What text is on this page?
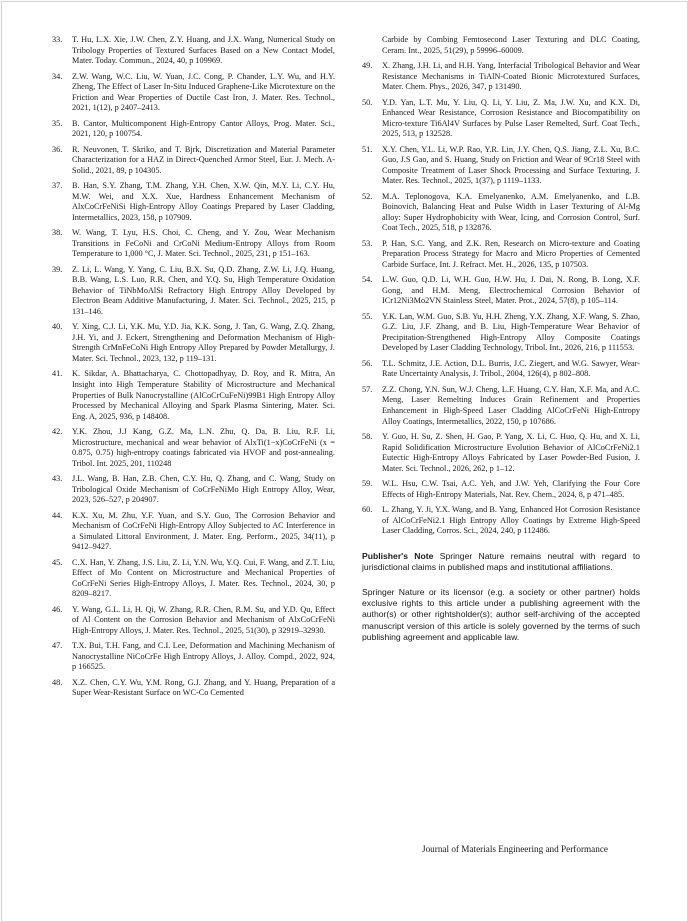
33.	T. Hu, L.X. Xie, J.W. Chen, Z.Y. Huang, and J.X. Wang, Numerical Study on Tribology Properties of Textured Surfaces Based on a New Contact Model, Mater. Today. Commun., 2024, 40, p 109969.
34.	Z.W. Wang, W.C. Liu, W. Yuan, J.C. Cong, P. Chander, L.Y. Wu, and H.Y. Zheng, The Effect of Laser In-Situ Induced Graphene-Like Microtexture on the Friction and Wear Properties of Ductile Cast Iron, J. Mater. Res. Technol., 2021, 1(12), p 2407–2413.
35.	B. Cantor, Multicomponent High-Entropy Cantor Alloys, Prog. Mater. Sci., 2021, 120, p 100754.
36.	R. Neuvonen, T. Skriko, and T. Bjrk, Discretization and Material Parameter Characterization for a HAZ in Direct-Quenched Armor Steel, Eur. J. Mech. A-Solid., 2021, 89, p 104305.
37.	B. Han, S.Y. Zhang, T.M. Zhang, Y.H. Chen, X.W. Qin, M.Y. Li, C.Y. Hu, M.W. Wei, and X.X. Xue, Hardness Enhancement Mechanism of AlxCoCrFeNiSi High-Entropy Alloy Coatings Prepared by Laser Cladding, Intermetallics, 2023, 158, p 107909.
38.	W. Wang, T. Lyu, H.S. Choi, C. Cheng, and Y. Zou, Wear Mechanism Transitions in FeCoNi and CrCoNi Medium-Entropy Alloys from Room Temperature to 1,000 °C, J. Mater. Sci. Technol., 2025, 231, p 151–163.
39.	Z. Li, L. Wang, Y. Yang, C. Liu, B.X. Su, Q.D. Zhang, Z.W. Li, J.Q. Huang, B.B. Wang, L.S. Luo, R.R. Chen, and Y.Q. Su, High Temperature Oxidation Behavior of TiNbMoAlSi Refractory High Entropy Alloy Developed by Electron Beam Additive Manufacturing, J. Mater. Sci. Technol., 2025, 215, p 131–146.
40.	Y. Xing, C.J. Li, Y.K. Mu, Y.D. Jia, K.K. Song, J. Tan, G. Wang, Z.Q. Zhang, J.H. Yi, and J. Eckert, Strengthening and Deformation Mechanism of High-Strength CrMnFeCoNi High Entropy Alloy Prepared by Powder Metallurgy, J. Mater. Sci. Technol., 2023, 132, p 119–131.
41.	K. Sikdar, A. Bhattacharya, C. Chottopadhyay, D. Roy, and R. Mitra, An Insight into High Temperature Stability of Microstructure and Mechanical Properties of Bulk Nanocrystalline (AlCoCrCuFeNi)99B1 High Entropy Alloy Processed by Mechanical Alloying and Spark Plasma Sintering, Mater. Sci. Eng. A, 2025, 936, p 148408.
42.	Y.K. Zhou, J.J Kang, G.Z. Ma, L.N. Zhu, Q. Da, B. Liu, R.F. Li, Microstructure, mechanical and wear behavior of AlxTi(1−x)CoCrFeNi (x = 0.875, 0.75) high-entropy coatings fabricated via HVOF and post-annealing. Tribol. Int. 2025, 201, 110248
43.	J.L. Wang, B. Han, Z.B. Chen, C.Y. Hu, Q. Zhang, and C. Wang, Study on Tribological Oxide Mechanism of CoCrFeNiMo High Entropy Alloy, Wear, 2023, 526–527, p 204907.
44.	K.X. Xu, M. Zhu, Y.F. Yuan, and S.Y. Guo, The Corrosion Behavior and Mechanism of CoCrFeNi High-Entropy Alloy Subjected to AC Interference in a Simulated Littoral Environment, J. Mater. Eng. Perform., 2025, 34(11), p 9412–9427.
45.	C.X. Han, Y. Zhang, J.S. Liu, Z. Li, Y.N. Wu, Y.Q. Cui, F. Wang, and Z.T. Liu, Effect of Mo Content on Microstructure and Mechanical Properties of CoCrFeNi Series High-Entropy Alloys, J. Mater. Res. Technol., 2024, 30, p 8209–8217.
46.	Y. Wang, G.L. Li, H. Qi, W. Zhang, R.R. Chen, R.M. Su, and Y.D. Qu, Effect of Al Content on the Corrosion Behavior and Mechanism of AlxCoCrFeNi High-Entropy Alloys, J. Mater. Res. Technol., 2025, 51(30), p 32919–32930.
47.	T.X. Bui, T.H. Fang, and C.I. Lee, Deformation and Machining Mechanism of Nanocrystalline NiCoCrFe High Entropy Alloys, J. Alloy. Compd., 2022, 924, p 166525.
48.	X.Z. Chen, C.Y. Wu, Y.M. Rong, G.J. Zhang, and Y. Huang, Preparation of a Super Wear-Resistant Surface on WC-Co Cemented
Carbide by Combing Femtosecond Laser Texturing and DLC Coating, Ceram. Int., 2025, 51(29), p 59996–60009.
49.	X. Zhang, J.H. Li, and H.H. Yang, Interfacial Tribological Behavior and Wear Resistance Mechanisms in TiAlN-Coated Bionic Microtextured Surfaces, Mater. Chem. Phys., 2026, 347, p 131490.
50.	Y.D. Yan, L.T. Mu, Y. Liu, Q. Li, Y. Liu, Z. Ma, J.W. Xu, and K.X. Di, Enhanced Wear Resistance, Corrosion Resistance and Biocompatibility on Micro-texture Ti6Al4V Surfaces by Pulse Laser Remelted, Surf. Coat Tech., 2025, 513, p 132528.
51.	X.Y. Chen, Y.L. Li, W.P. Rao, Y.R. Lin, J.Y. Chen, Q.S. Jiang, Z.L. Xu, B.C. Guo, J.S Gao, and S. Huang, Study on Friction and Wear of 9Cr18 Steel with Composite Treatment of Laser Shock Processing and Surface Texturing, J. Mater. Res. Technol., 2025, 1(37), p 1119–1133.
52.	M.A. Teplonogova, K.A. Emelyanenko, A.M. Emelyanenko, and L.B. Boinovich, Balancing Heat and Pulse Width in Laser Texturing of Al-Mg alloy: Super Hydrophobicity with Wear, Icing, and Corrosion Control, Surf. Coat Tech., 2025, 518, p 132876.
53.	P. Han, S.C. Yang, and Z.K. Ren, Research on Micro-texture and Coating Preparation Process Strategy for Macro and Micro Properties of Cemented Carbide Surface, Int. J. Refract. Met. H., 2026, 135, p 107503.
54.	L.W. Guo, Q.D. Li, W.H. Guo, H.W. Hu, J. Dai, N. Rong, B. Long, X.F. Gong, and H.M. Meng, Electrochemical Corrosion Behavior of ICr12Ni3Mo2VN Stainless Steel, Mater. Prot., 2024, 57(8), p 105–114.
55.	Y.K. Lan, W.M. Guo, S.B. Yu, H.H. Zheng, Y.X. Zhang, X.F. Wang, S. Zhao, G.Z. Liu, J.F. Zhang, and B. Liu, High-Temperature Wear Behavior of Precipitation-Strengthened High-Entropy Alloy Composite Coatings Developed by Laser Cladding Technology, Tribol. Int., 2026, 216, p 111553.
56.	T.L. Schmitz, J.E. Action, D.L. Burris, J.C. Ziegert, and W.G. Sawyer, Wear-Rate Uncertainty Analysis, J. Tribol., 2004, 126(4), p 802–808.
57.	Z.Z. Chong, Y.N. Sun, W.J. Cheng, L.F. Huang, C.Y. Han, X.F. Ma, and A.C. Meng, Laser Remelting Induces Grain Refinement and Properties Enhancement in High-Speed Laser Cladding AlCoCrFeNi High-Entropy Alloy Coatings, Intermetallics, 2022, 150, p 107686.
58.	Y. Guo, H. Su, Z. Shen, H. Gao, P. Yang, X. Li, C. Huo, Q. Hu, and X. Li, Rapid Solidification Microstructure Evolution Behavior of AlCoCrFeNi2.1 Eutectic High-Entropy Alloys Fabricated by Laser Powder-Bed Fusion, J. Mater. Sci. Technol., 2026, 262, p 1–12.
59.	W.L. Hsu, C.W. Tsai, A.C. Yeh, and J.W. Yeh, Clarifying the Four Core Effects of High-Entropy Materials, Nat. Rev. Chem., 2024, 8, p 471–485.
60.	L. Zhang, Y. Ji, Y.X. Wang, and B. Yang, Enhanced Hot Corrosion Resistance of AlCoCrFeNi2.1 High Entropy Alloy Coatings by Extreme High-Speed Laser Cladding, Corros. Sci., 2024, 240, p 112486.
Publisher's Note Springer Nature remains neutral with regard to jurisdictional claims in published maps and institutional affiliations.
Springer Nature or its licensor (e.g. a society or other partner) holds exclusive rights to this article under a publishing agreement with the author(s) or other rightsholder(s); author self-archiving of the accepted manuscript version of this article is solely governed by the terms of such publishing agreement and applicable law.
Journal of Materials Engineering and Performance
